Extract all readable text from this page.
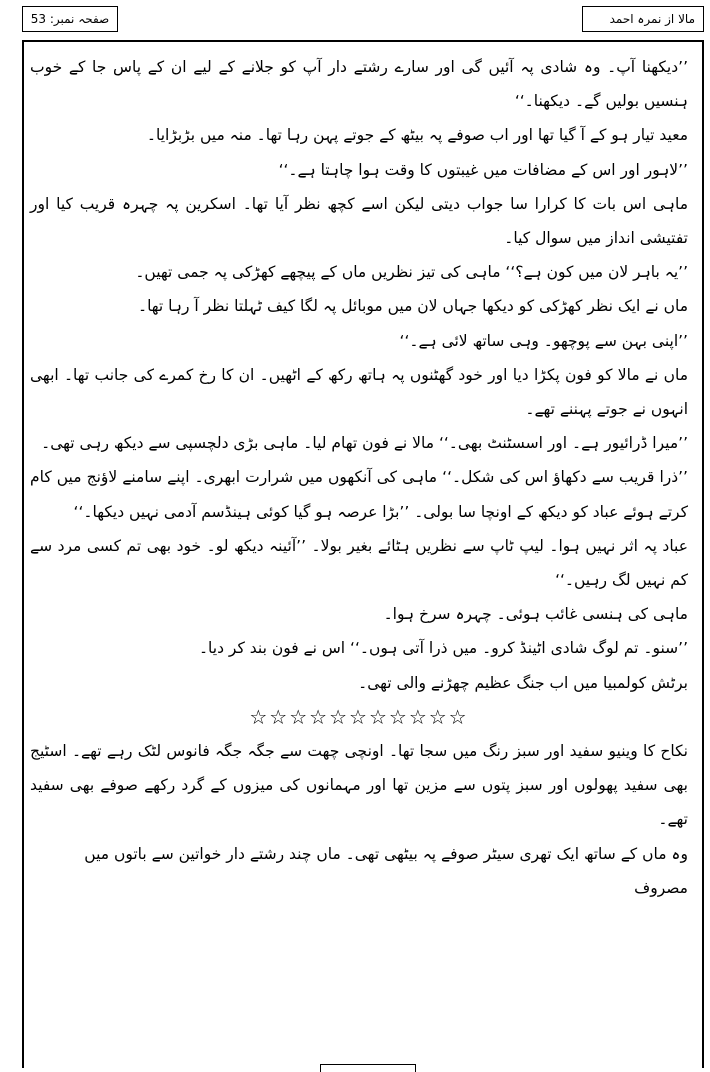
صفحہ نمبر: 53	مالا از نمرہ احمد

’’دیکھنا آپ۔ وہ شادی پہ آئیں گی اور سارے رشتے دار آپ کو جلانے کے لیے ان کے پاس جا کے خوب ہنسیں بولیں گے۔ دیکھنا۔‘‘

معید تیار ہو کے آ گیا تھا اور اب صوفے پہ بیٹھ کے جوتے پہن رہا تھا۔ منہ میں بڑبڑایا۔

’’لاہور اور اس کے مضافات میں غیبتوں کا وقت ہوا چاہتا ہے۔‘‘

ماہی اس بات کا کرارا سا جواب دیتی لیکن اسے کچھ نظر آیا تھا۔ اسکرین پہ چہرہ قریب کیا اور تفتیشی انداز میں سوال کیا۔

’’یہ باہر لان میں کون ہے؟‘‘ ماہی کی تیز نظریں ماں کے پیچھے کھڑکی پہ جمی تھیں۔

ماں نے ایک نظر کھڑکی کو دیکھا جہاں لان میں موبائل پہ لگا کیف ٹہلتا نظر آ رہا تھا۔

’’اپنی بہن سے پوچھو۔ وہی ساتھ لائی ہے۔‘‘

ماں نے مالا کو فون پکڑا دیا اور خود گھٹنوں پہ ہاتھ رکھ کے اٹھیں۔ ان کا رخ کمرے کی جانب تھا۔ ابھی انہوں نے جوتے پہننے تھے۔

’’میرا ڈرائیور ہے۔ اور اسسٹنٹ بھی۔‘‘ مالا نے فون تھام لیا۔ ماہی بڑی دلچسپی سے دیکھ رہی تھی۔

’’ذرا قریب سے دکھاؤ اس کی شکل۔‘‘ ماہی کی آنکھوں میں شرارت ابھری۔ اپنے سامنے لاؤنج میں کام کرتے ہوئے عباد کو دیکھ کے اونچا سا بولی۔ ’’بڑا عرصہ ہو گیا کوئی ہینڈسم آدمی نہیں دیکھا۔‘‘

عباد پہ اثر نہیں ہوا۔ لیپ ٹاپ سے نظریں ہٹائے بغیر بولا۔ ’’آئینہ دیکھ لو۔ خود بھی تم کسی مرد سے کم نہیں لگ رہیں۔‘‘

ماہی کی ہنسی غائب ہوئی۔ چہرہ سرخ ہوا۔

’’سنو۔ تم لوگ شادی اٹینڈ کرو۔ میں ذرا آتی ہوں۔‘‘ اس نے فون بند کر دیا۔

برٹش کولمبیا میں اب جنگ عظیم چھڑنے والی تھی۔

☆☆☆☆☆☆☆☆☆☆☆

نکاح کا وینیو سفید اور سبز رنگ میں سجا تھا۔ اونچی چھت سے جگہ جگہ فانوس لٹک رہے تھے۔ اسٹیج بھی سفید پھولوں اور سبز پتوں سے مزین تھا اور مہمانوں کی میزوں کے گرد رکھے صوفے بھی سفید تھے۔

وہ ماں کے ساتھ ایک تھری سیٹر صوفے پہ بیٹھی تھی۔ ماں چند رشتے دار خواتین سے باتوں میں مصروف
